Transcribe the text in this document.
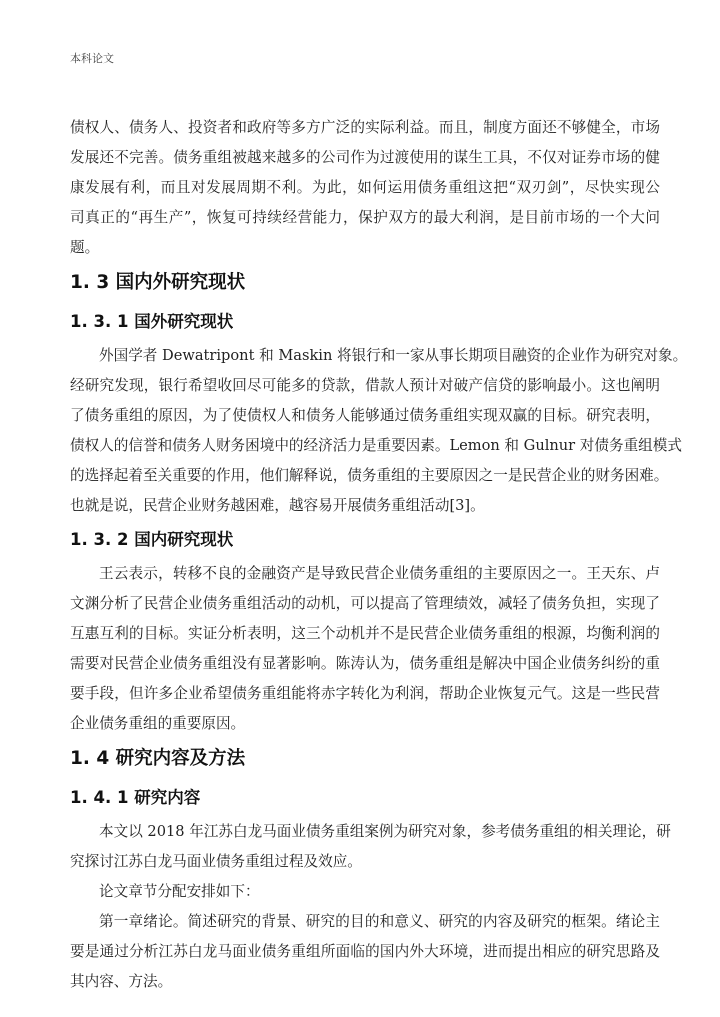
本科论文
债权人、债务人、投资者和政府等多方广泛的实际利益。而且，制度方面还不够健全，市场
发展还不完善。债务重组被越来越多的公司作为过渡使用的谋生工具，不仅对证券市场的健
康发展有利，而且对发展周期不利。为此，如何运用债务重组这把“双刃剑”，尽快实现公
司真正的“再生产”，恢复可持续经营能力，保护双方的最大利润，是目前市场的一个大问
题。
1. 3 国内外研究现状
1. 3. 1 国外研究现状
外国学者 Dewatripont 和 Maskin 将银行和一家从事长期项目融资的企业作为研究对象。
经研究发现，银行希望收回尽可能多的贷款，借款人预计对破产信贷的影响最小。这也阐明
了债务重组的原因，为了使债权人和债务人能够通过债务重组实现双赢的目标。研究表明，
债权人的信誉和债务人财务困境中的经济活力是重要因素。Lemon 和 Gulnur 对债务重组模式
的选择起着至关重要的作用，他们解释说，债务重组的主要原因之一是民营企业的财务困难。
也就是说，民营企业财务越困难，越容易开展债务重组活动[3]。
1. 3. 2 国内研究现状
王云表示，转移不良的金融资产是导致民营企业债务重组的主要原因之一。王天东、卢
文渊分析了民营企业债务重组活动的动机，可以提高了管理绩效，减轻了债务负担，实现了
互惠互利的目标。实证分析表明，这三个动机并不是民营企业债务重组的根源，均衡利润的
需要对民营企业债务重组没有显著影响。陈涛认为，债务重组是解决中国企业债务纠纷的重
要手段，但许多企业希望债务重组能将赤字转化为利润，帮助企业恢复元气。这是一些民营
企业债务重组的重要原因。
1. 4 研究内容及方法
1. 4. 1 研究内容
本文以 2018 年江苏白龙马面业债务重组案例为研究对象，参考债务重组的相关理论，研
究探讨江苏白龙马面业债务重组过程及效应。
论文章节分配安排如下：
第一章绪论。简述研究的背景、研究的目的和意义、研究的内容及研究的框架。绪论主
要是通过分析江苏白龙马面业债务重组所面临的国内外大环境，进而提出相应的研究思路及
其内容、方法。
